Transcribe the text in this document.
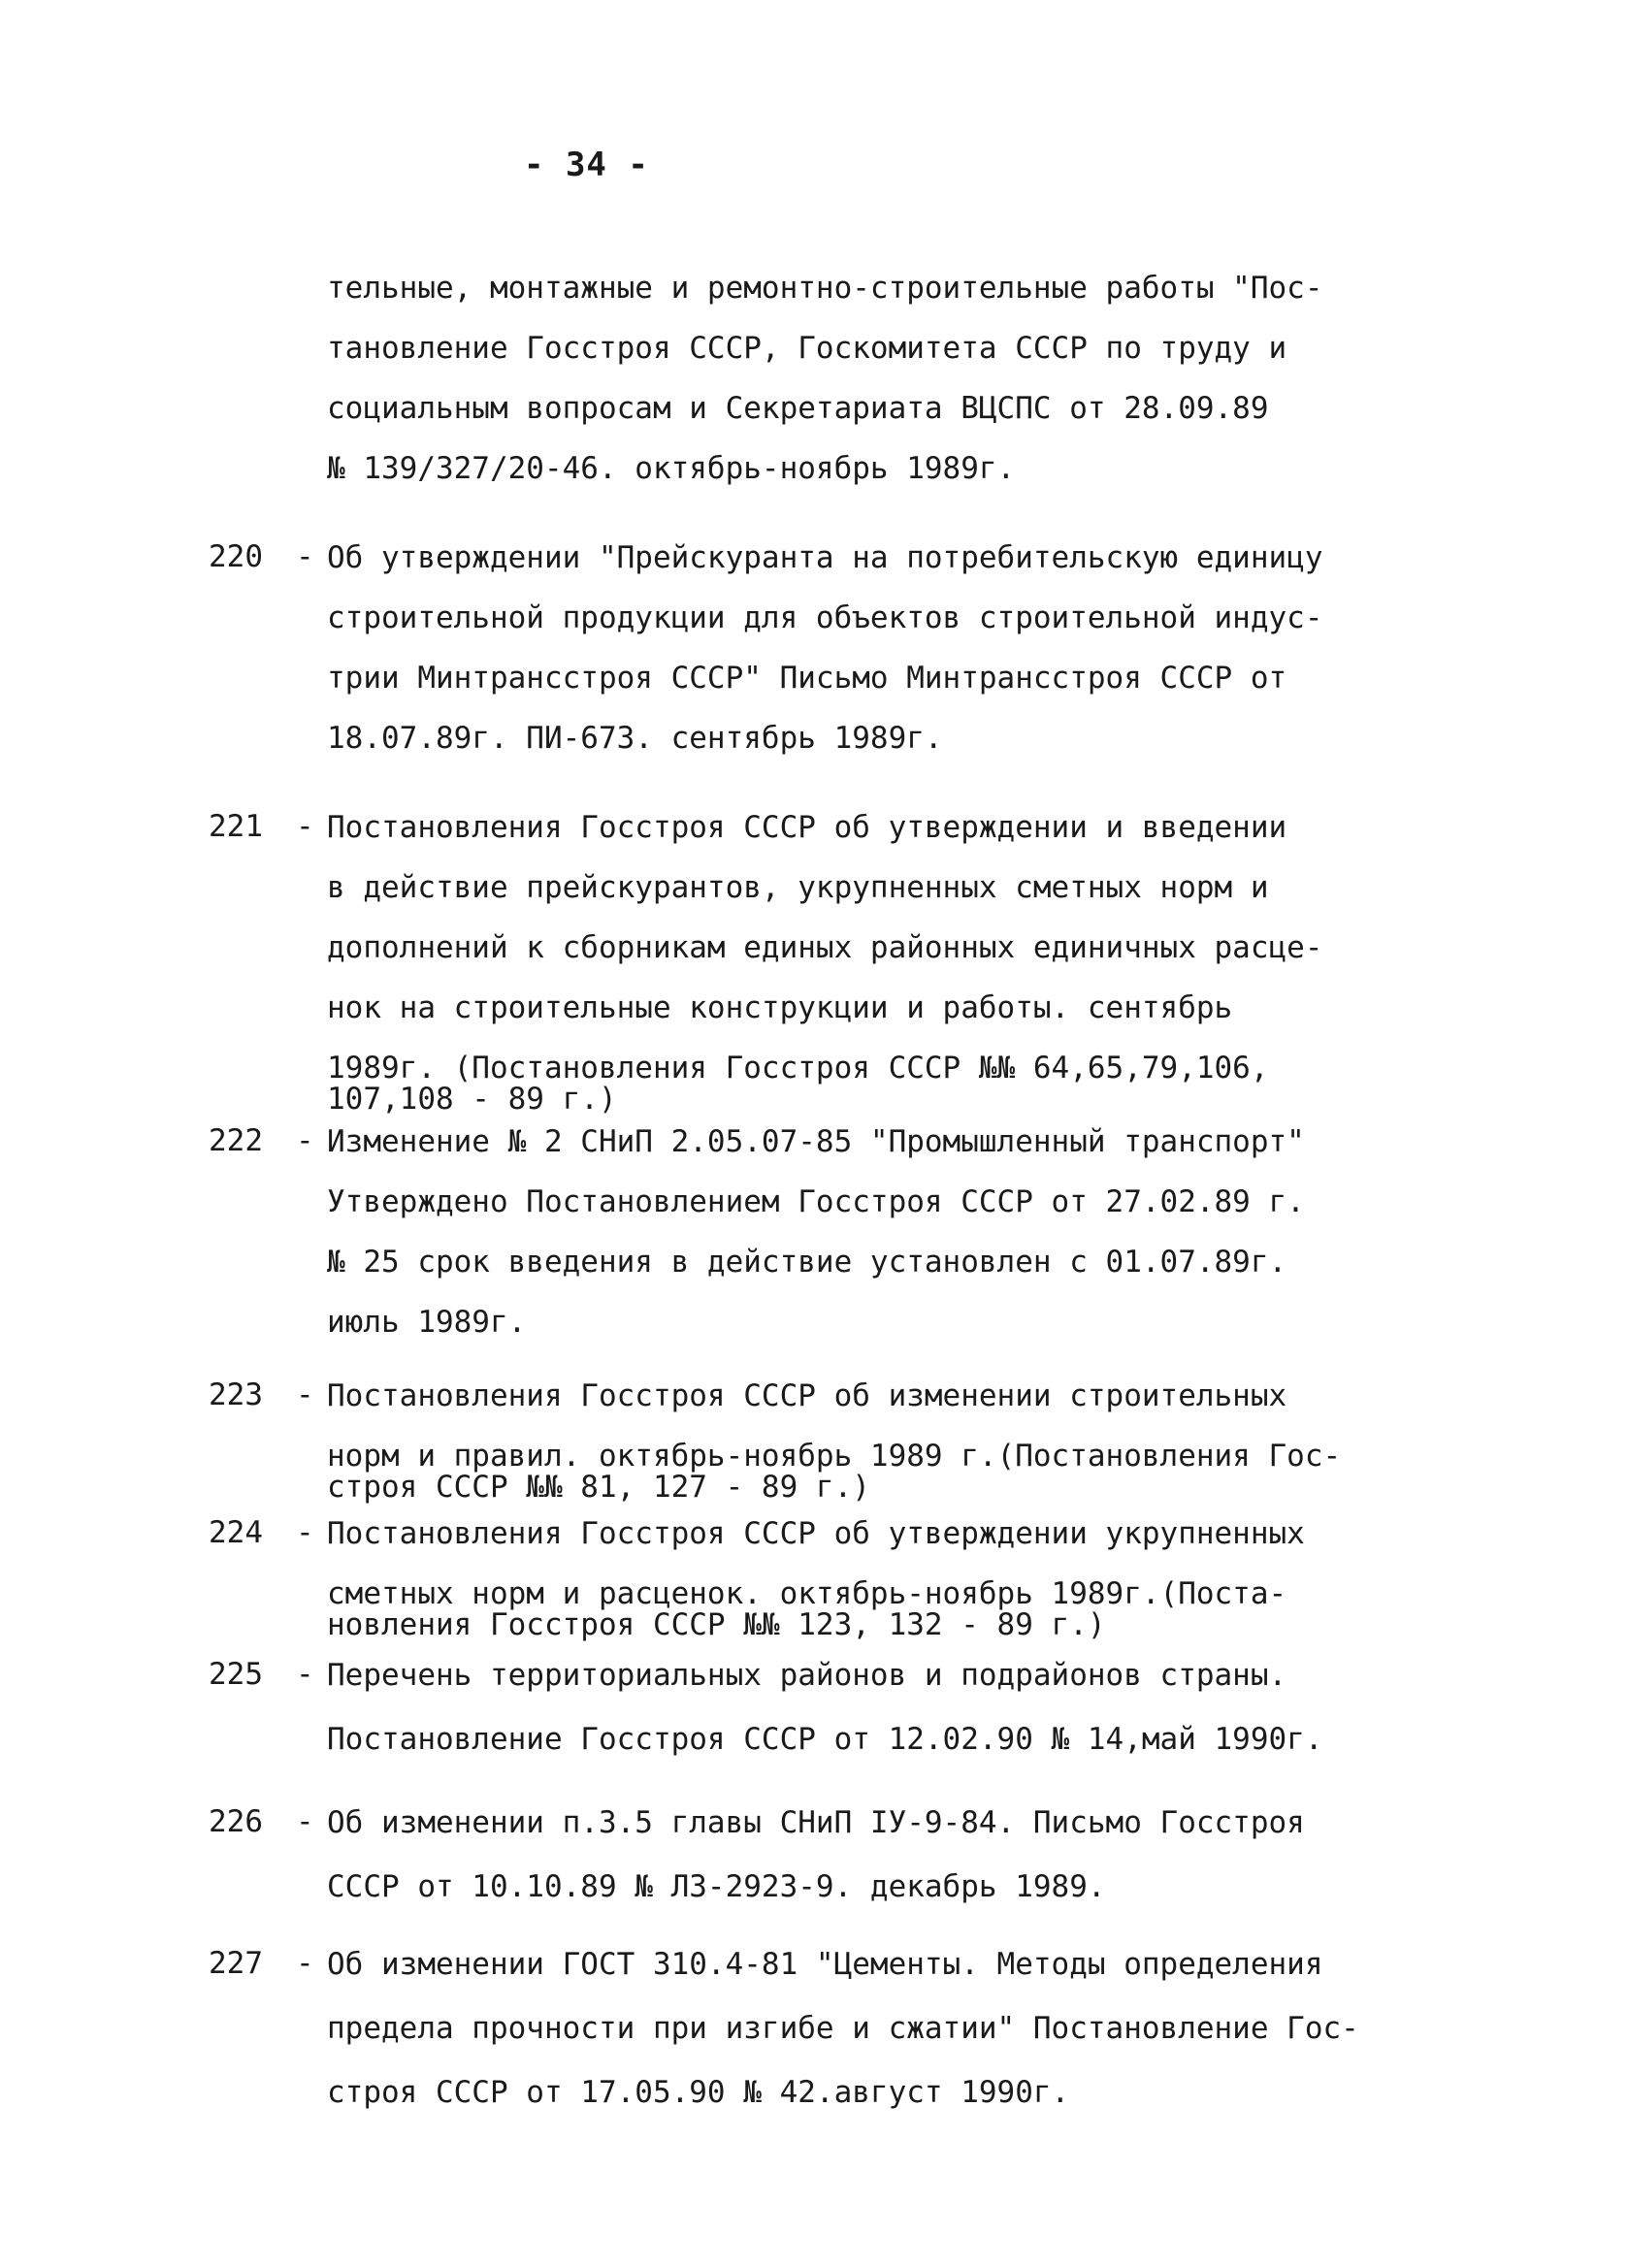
- 34 -
тельные, монтажные и ремонтно-строительные работы "Пос-
тановление Госстроя СССР, Госкомитета СССР по труду и
социальным вопросам и Секретариата ВЦСПС от 28.09.89
№ 139/327/20-46. октябрь-ноябрь 1989г.
220 - Об утверждении "Прейскуранта на потребительскую единицу
строительной продукции для объектов строительной индус-
трии Минтрансстроя СССР" Письмо Минтрансстроя СССР от
18.07.89г. ПИ-673. сентябрь 1989г.
221 - Постановления Госстроя СССР об утверждении и введении
в действие прейскурантов, укрупненных сметных норм и
дополнений к сборникам единых районных единичных расце-
нок на строительные конструкции и работы. сентябрь
1989г. (Постановления Госстроя СССР №№ 64,65,79,106,
107,108 - 89 г.)
222 - Изменение № 2 СНиП 2.05.07-85 "Промышленный транспорт"
Утверждено Постановлением Госстроя СССР от 27.02.89 г.
№ 25 срок введения в действие установлен с 01.07.89г.
июль 1989г.
223 - Постановления Госстроя СССР об изменении строительных
норм и правил. октябрь-ноябрь 1989 г.(Постановления Гос-
строя СССР №№ 81, 127 - 89 г.)
224 - Постановления Госстроя СССР об утверждении укрупненных
сметных норм и расценок. октябрь-ноябрь 1989г.(Поста-
новления Госстроя СССР №№ 123, 132 - 89 г.)
225 - Перечень территориальных районов и подрайонов страны.
Постановление Госстроя СССР от 12.02.90 № 14,май 1990г.
226 - Об изменении п.3.5 главы СНиП IУ-9-84. Письмо Госстроя
СССР от 10.10.89 № ЛЗ-2923-9. декабрь 1989.
227 - Об изменении ГОСТ 310.4-81 "Цементы. Методы определения
предела прочности при изгибе и сжатии" Постановление Гос-
строя СССР от 17.05.90 № 42.август 1990г.
